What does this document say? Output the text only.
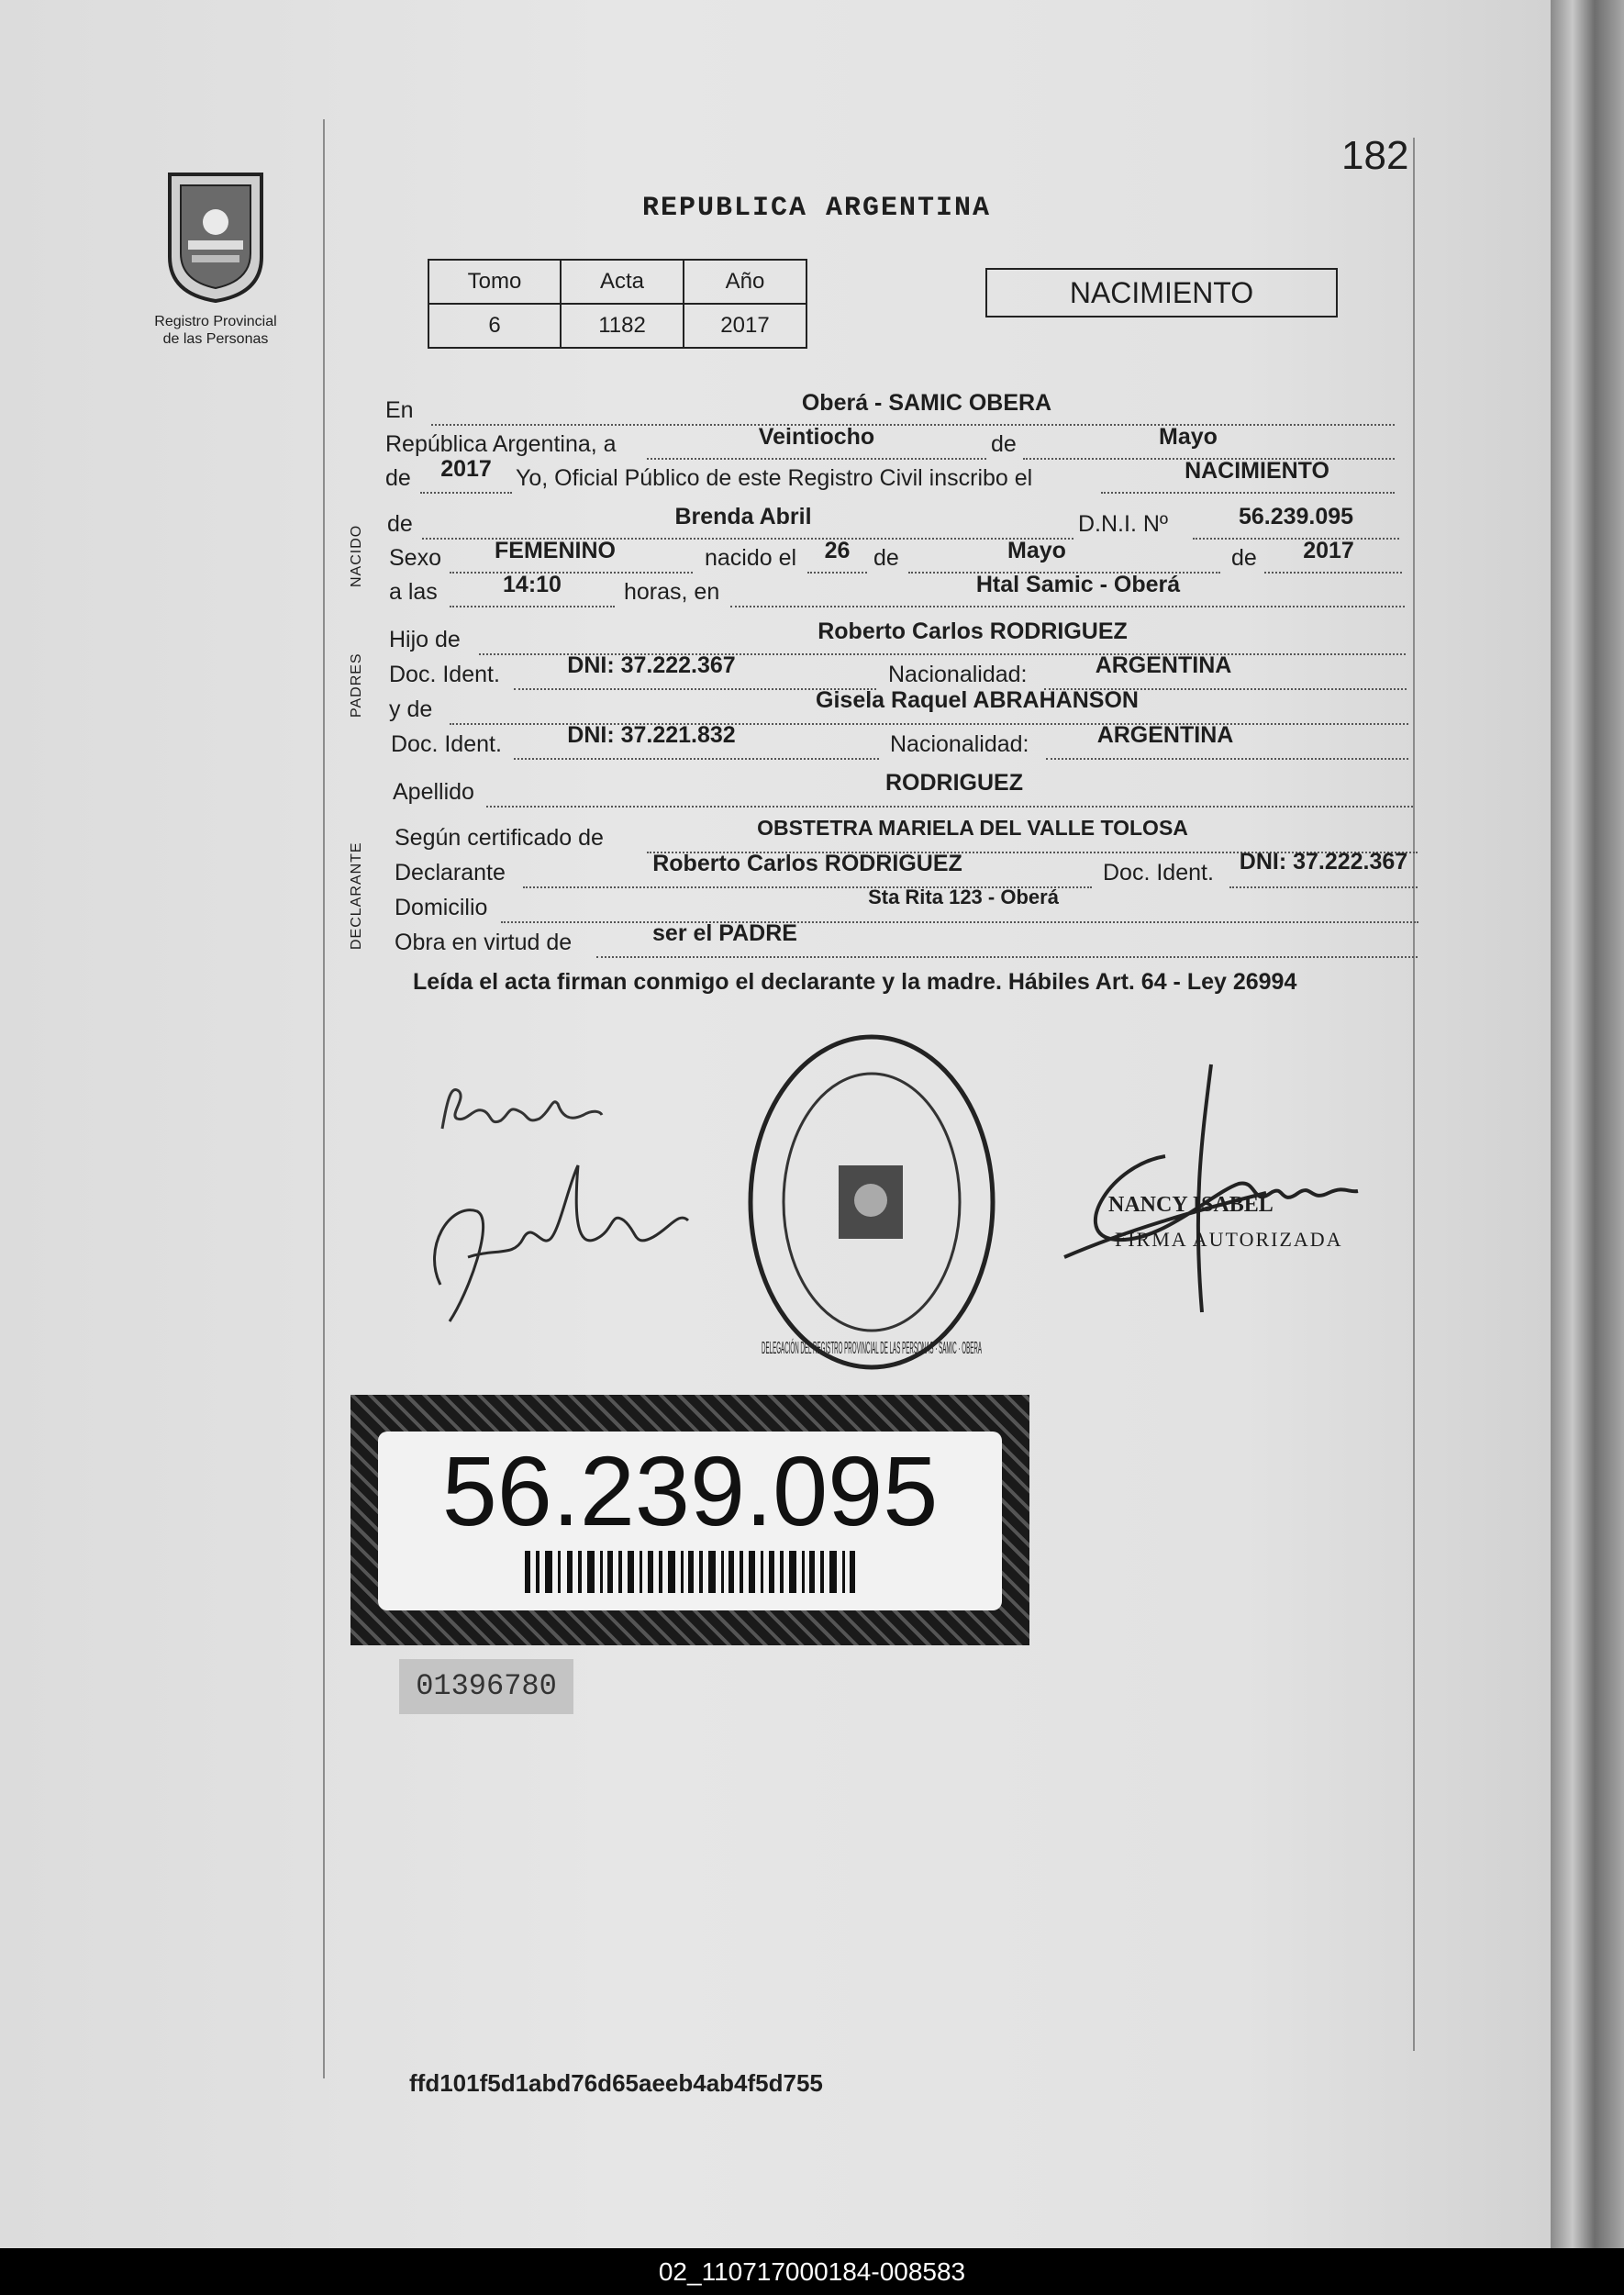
182
Registro Provincial
de las Personas
REPUBLICA ARGENTINA
Tomo	Acta	Año
6	1182	2017
NACIMIENTO
En	Oberá - SAMIC OBERA
República Argentina, a	Veintiocho	de	Mayo
de	2017	Yo, Oficial Público de este Registro Civil inscribo el	NACIMIENTO
NACIDO
de	Brenda Abril	D.N.I. Nº	56.239.095
Sexo	FEMENINO	nacido el	26	de	Mayo	de	2017
a las	14:10	horas, en	Htal Samic - Oberá
PADRES
Hijo de	Roberto Carlos RODRIGUEZ
Doc. Ident.	DNI: 37.222.367	Nacionalidad:	ARGENTINA
y de	Gisela Raquel ABRAHANSON
Doc. Ident.	DNI: 37.221.832	Nacionalidad:	ARGENTINA
Apellido	RODRIGUEZ
DECLARANTE
Según certificado de	OBSTETRA MARIELA DEL VALLE TOLOSA
Declarante	Roberto Carlos RODRIGUEZ	Doc. Ident.	DNI: 37.222.367
Domicilio	Sta Rita 123 - Oberá
Obra en virtud de	ser el PADRE
Leída el acta firman conmigo el declarante y la madre. Hábiles Art. 64 - Ley 26994
NANCY ISABEL
FIRMA AUTORIZADA
56.239.095
01396780
ffd101f5d1abd76d65aeeb4ab4f5d755
02_110717000184-008583
